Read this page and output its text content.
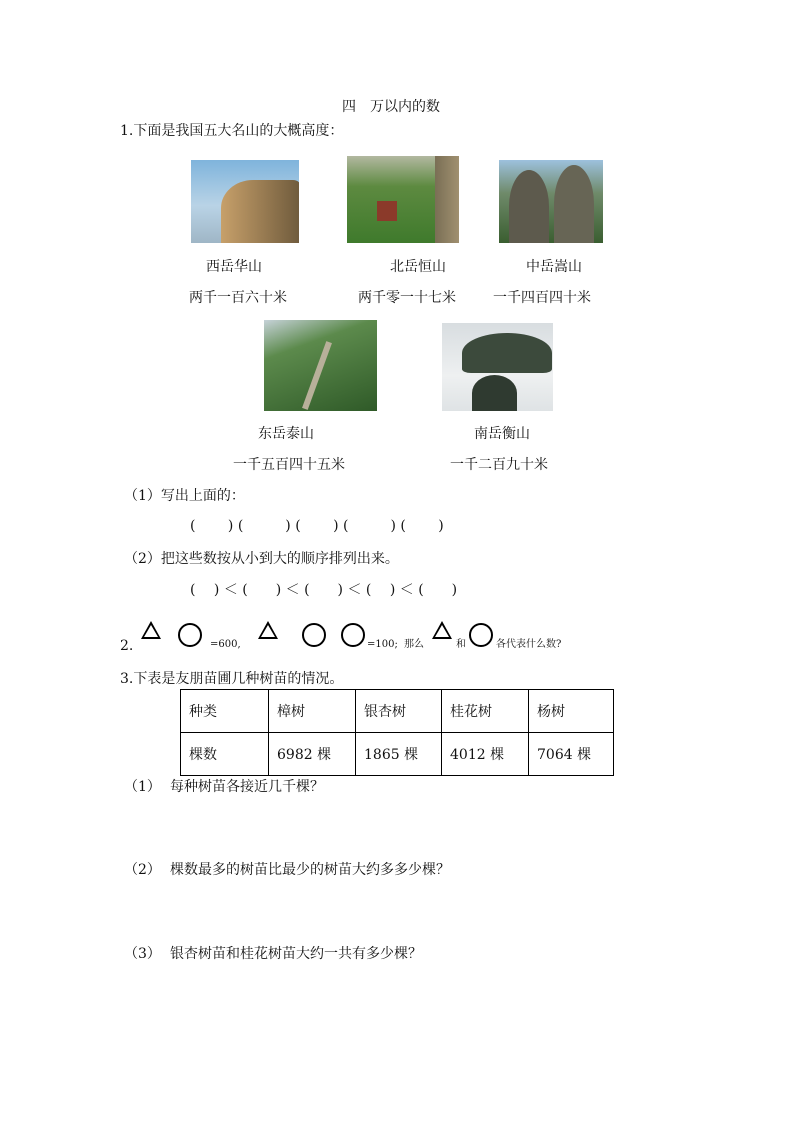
四　万以内的数
1.下面是我国五大名山的大概高度：
西岳华山
两千一百六十米
北岳恒山
两千零一十七米
中岳嵩山
一千四百四十米
东岳泰山
一千五百四十五米
南岳衡山
一千二百九十米
（1）写出上面的：
(　　 ) (　　　) (　　 ) (　　　) (　　 )
（2）把这些数按从小到大的顺序排列出来。
(　 ) ＜ (　　) ＜ (　　) ＜ (　 ) ＜ (　　)
2.	=600,	=100; 那么	和	各代表什么数?
3.下表是友朋苗圃几种树苗的情况。
种类	樟树	银杏树	桂花树	杨树
棵数	6982 棵	1865 棵	4012 棵	7064 棵
（1） 每种树苗各接近几千棵？
（2） 棵数最多的树苗比最少的树苗大约多多少棵？
（3） 银杏树苗和桂花树苗大约一共有多少棵？
